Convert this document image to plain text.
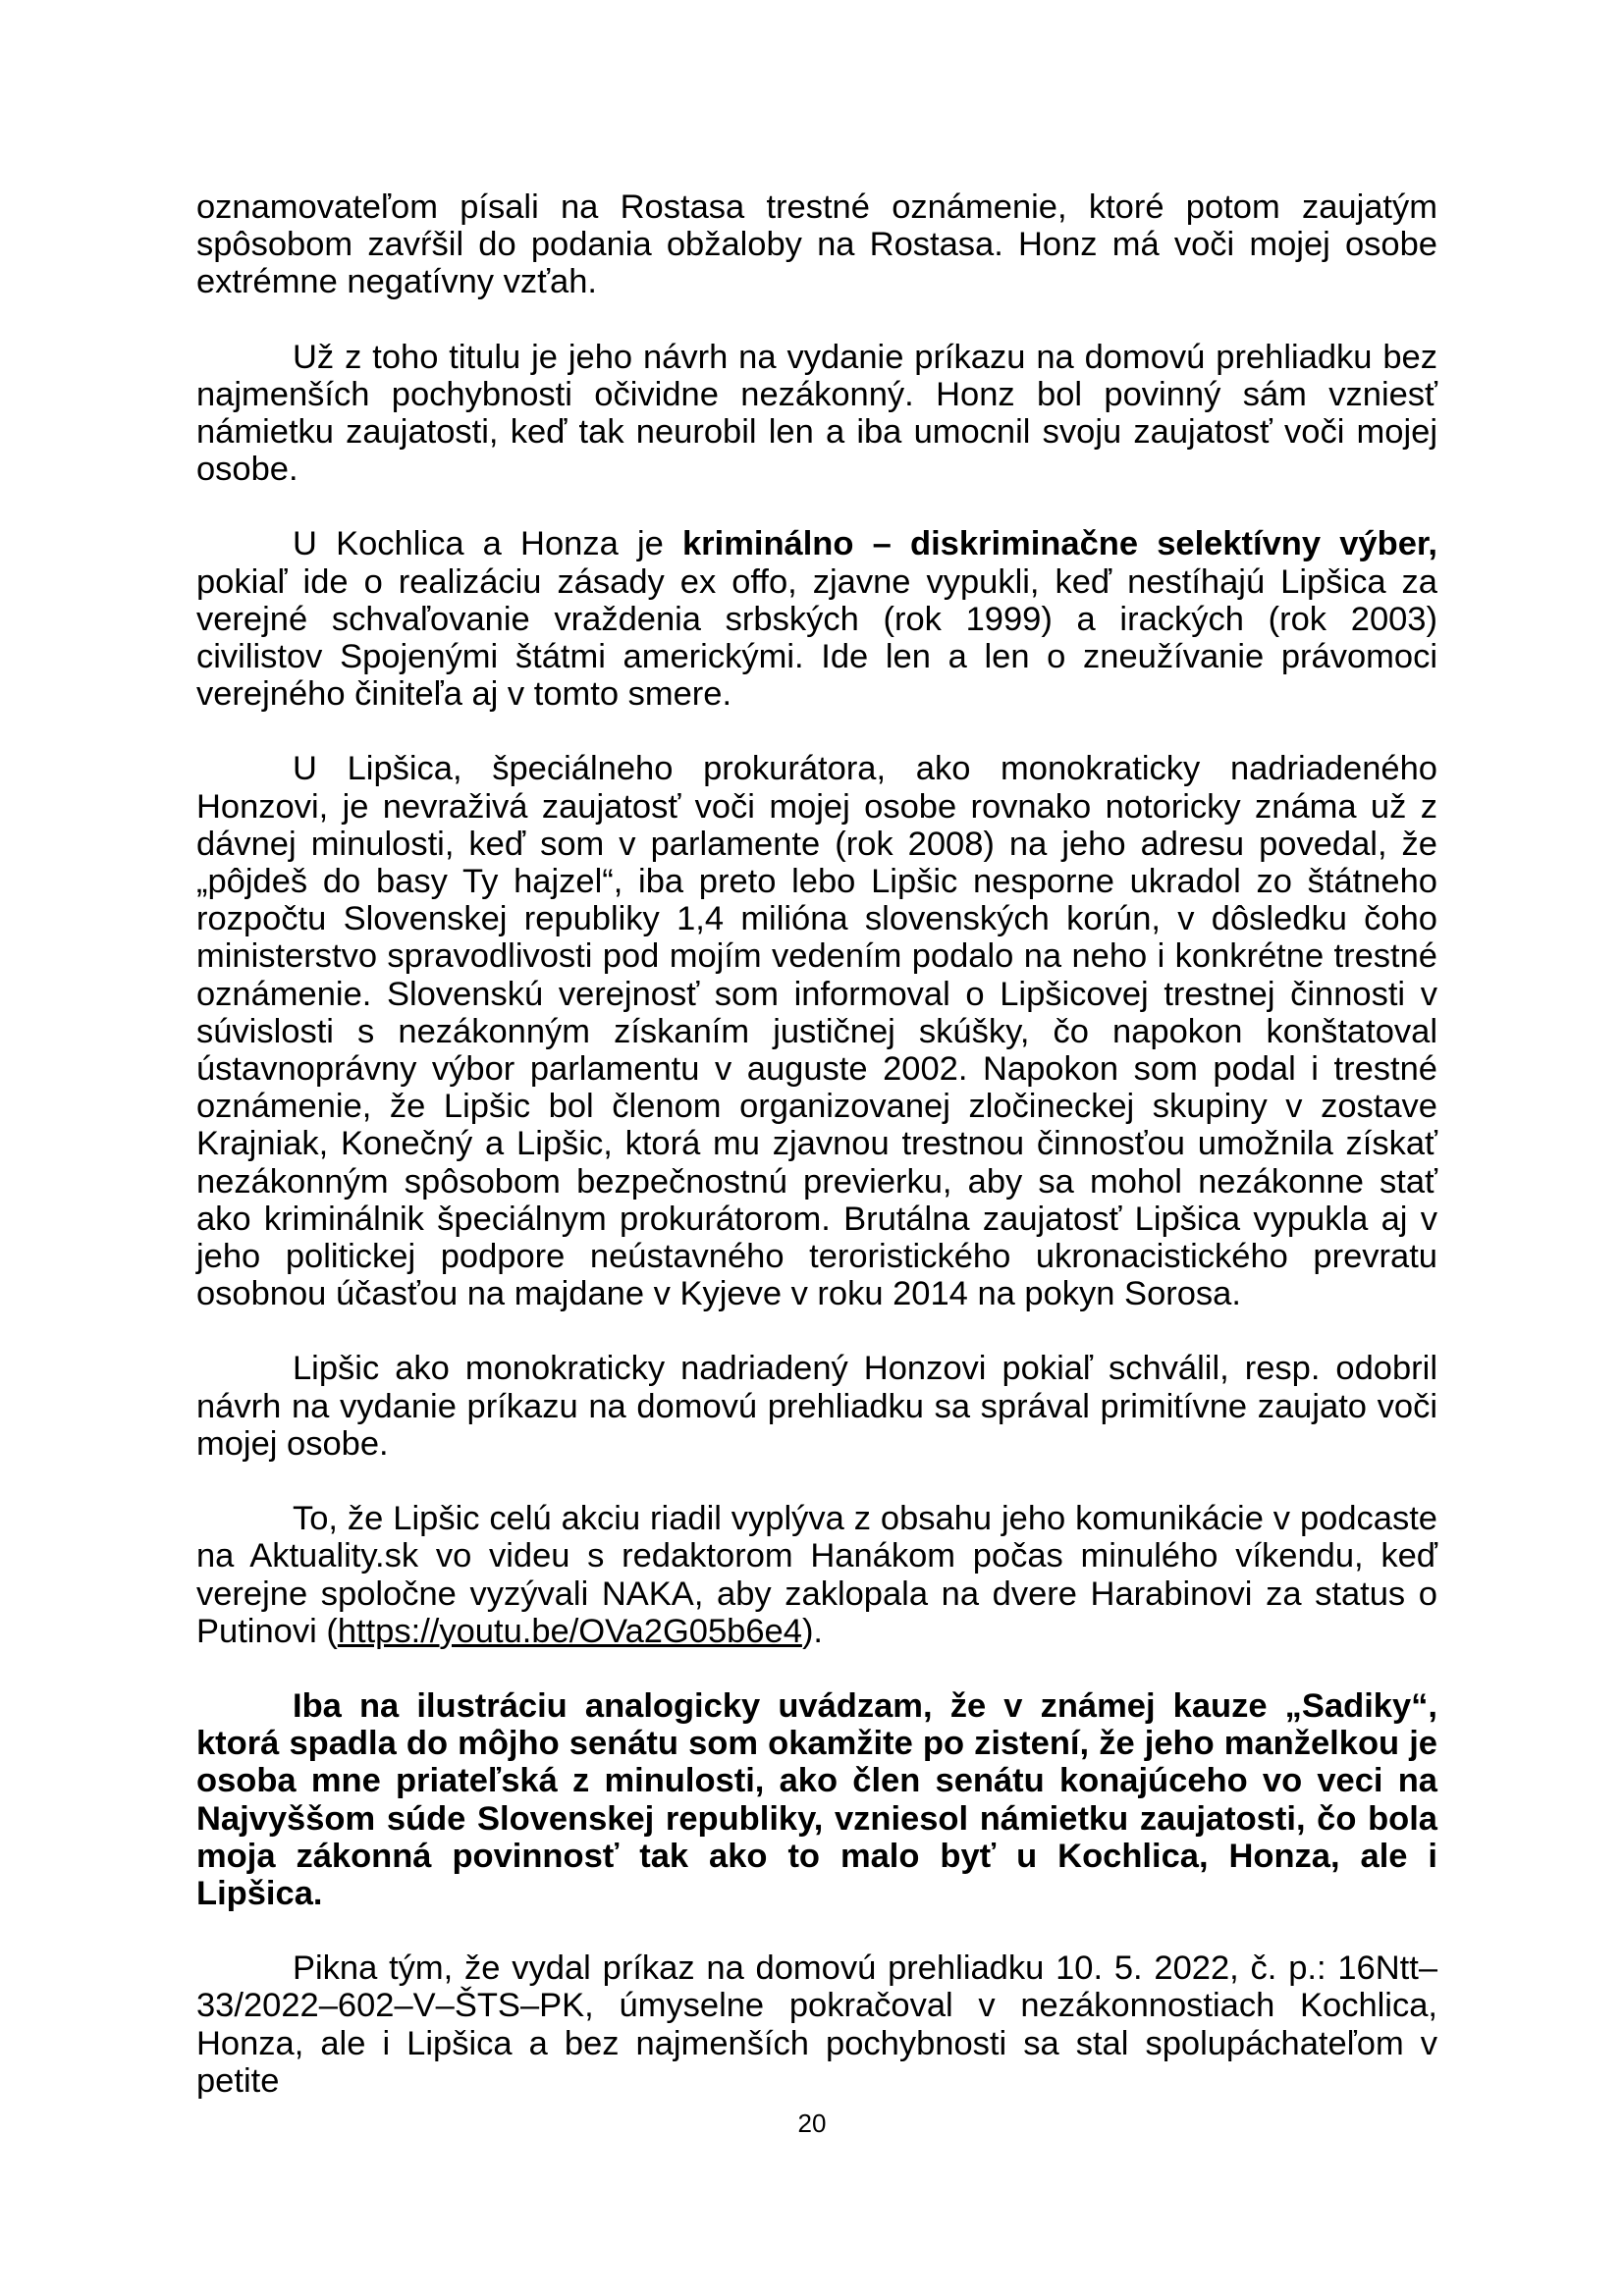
oznamovateľom písali na Rostasa trestné oznámenie, ktoré potom zaujatým spôsobom zavŕšil do podania obžaloby na Rostasa. Honz má voči mojej osobe extrémne negatívny vzťah.

Už z toho titulu je jeho návrh na vydanie príkazu na domovú prehliadku bez najmenších pochybnosti očividne nezákonný. Honz bol povinný sám vzniesť námietku zaujatosti, keď tak neurobil len a iba umocnil svoju zaujatosť voči mojej osobe.

U Kochlica a Honza je kriminálno – diskriminačne selektívny výber, pokiaľ ide o realizáciu zásady ex offo, zjavne vypukli, keď nestíhajú Lipšica za verejné schvaľovanie vraždenia srbských (rok 1999) a irackých (rok 2003) civilistov Spojenými štátmi americkými. Ide len a len o zneužívanie právomoci verejného činiteľa aj v tomto smere.

U Lipšica, špeciálneho prokurátora, ako monokraticky nadriadeného Honzovi, je nevraživá zaujatosť voči mojej osobe rovnako notoricky známa už z dávnej minulosti, keď som v parlamente (rok 2008) na jeho adresu povedal, že „pôjdeš do basy Ty hajzel“, iba preto lebo Lipšic nesporne ukradol zo štátneho rozpočtu Slovenskej republiky 1,4 milióna slovenských korún, v dôsledku čoho ministerstvo spravodlivosti pod mojím vedením podalo na neho i konkrétne trestné oznámenie. Slovenskú verejnosť som informoval o Lipšicovej trestnej činnosti v súvislosti s nezákonným získaním justičnej skúšky, čo napokon konštatoval ústavnoprávny výbor parlamentu v auguste 2002. Napokon som podal i trestné oznámenie, že Lipšic bol členom organizovanej zločineckej skupiny v zostave Krajniak, Konečný a Lipšic, ktorá mu zjavnou trestnou činnosťou umožnila získať nezákonným spôsobom bezpečnostnú previerku, aby sa mohol nezákonne stať ako kriminálnik špeciálnym prokurátorom. Brutálna zaujatosť Lipšica vypukla aj v jeho politickej podpore neústavného teroristického ukronacistického prevratu osobnou účasťou na majdane v Kyjeve v roku 2014 na pokyn Sorosa.

Lipšic ako monokraticky nadriadený Honzovi pokiaľ schválil, resp. odobril návrh na vydanie príkazu na domovú prehliadku sa správal primitívne zaujato voči mojej osobe.

To, že Lipšic celú akciu riadil vyplýva z obsahu jeho komunikácie v podcaste na Aktuality.sk vo videu s redaktorom Hanákom počas minulého víkendu, keď verejne spoločne vyzývali NAKA, aby zaklopala na dvere Harabinovi za status o Putinovi (https://youtu.be/OVa2G05b6e4).

Iba na ilustráciu analogicky uvádzam, že v známej kauze „Sadiky“, ktorá spadla do môjho senátu som okamžite po zistení, že jeho manželkou je osoba mne priateľská z minulosti, ako člen senátu konajúceho vo veci na Najvyššom súde Slovenskej republiky, vzniesol námietku zaujatosti, čo bola moja zákonná povinnosť tak ako to malo byť u Kochlica, Honza, ale i Lipšica.

Pikna tým, že vydal príkaz na domovú prehliadku 10. 5. 2022, č. p.: 16Ntt–33/2022–602–V–ŠTS–PK, úmyselne pokračoval v nezákonnostiach Kochlica, Honza, ale i Lipšica a bez najmenších pochybnosti sa stal spolupáchateľom v petite

20
